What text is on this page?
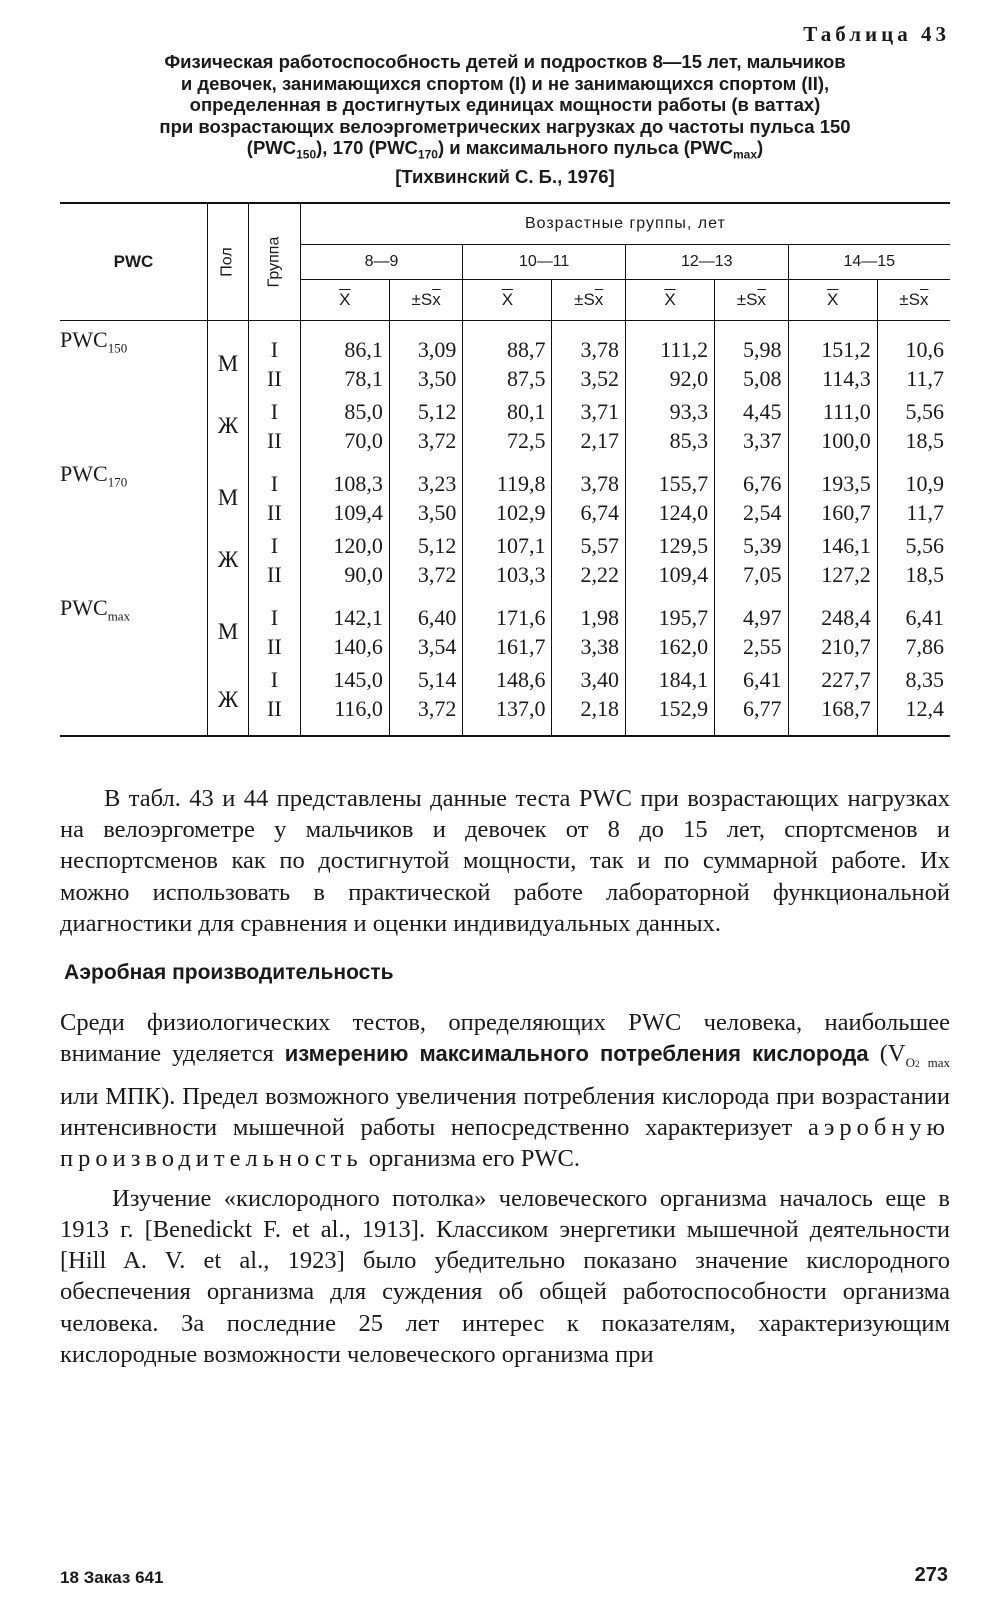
Таблица 43
Физическая работоспособность детей и подростков 8—15 лет, мальчиков
и девочек, занимающихся спортом (I) и не занимающихся спортом (II),
определенная в достигнутых единицах мощности работы (в ваттах)
при возрастающих велоэргометрических нагрузках до частоты пульса 150
$(PWC_{150})$, 170 $(PWC_{170})$ и максимального пульса $(PWC_{max})$
[Тихвинский С. Б., 1976]
PWC	Пол	Группа	Возрастные группы, лет							
			8—9		10—11		12—13		14—15	
			$\overline{X}$	$\pm S\overline{x}$	$\overline{X}$	$\pm S\overline{x}$	$\overline{X}$	$\pm S\overline{x}$	$\overline{X}$	$\pm S\overline{x}$
$PWC_{150}$	М	I	86,1	3,09	88,7	3,78	111,2	5,98	151,2	10,6
		II	78,1	3,50	87,5	3,52	92,0	5,08	114,3	11,7
	Ж	I	85,0	5,12	80,1	3,71	93,3	4,45	111,0	5,56
		II	70,0	3,72	72,5	2,17	85,3	3,37	100,0	18,5
$PWC_{170}$	М	I	108,3	3,23	119,8	3,78	155,7	6,76	193,5	10,9
		II	109,4	3,50	102,9	6,74	124,0	2,54	160,7	11,7
	Ж	I	120,0	5,12	107,1	5,57	129,5	5,39	146,1	5,56
		II	90,0	3,72	103,3	2,22	109,4	7,05	127,2	18,5
$PWC_{max}$	М	I	142,1	6,40	171,6	1,98	195,7	4,97	248,4	6,41
		II	140,6	3,54	161,7	3,38	162,0	2,55	210,7	7,86
	Ж	I	145,0	5,14	148,6	3,40	184,1	6,41	227,7	8,35
		II	116,0	3,72	137,0	2,18	152,9	6,77	168,7	12,4

В табл. 43 и 44 представлены данные теста PWC при возрастающих нагрузках на велоэргометре у мальчиков и девочек от 8 до 15 лет, спортсменов и неспортсменов как по достигнутой мощности, так и по суммарной работе. Их можно использовать в практической работе лабораторной функциональной диагностики для сравнения и оценки индивидуальных данных.

Аэробная производительность

Среди физиологических тестов, определяющих PWC человека, наибольшее внимание уделяется измерению максимального потребления кислорода ($V_{O2 max}$ или МПК). Предел возможного увеличения потребления кислорода при возрастании интенсивности мышечной работы непосредственно характеризует аэробную производительность организма его PWC.

Изучение «кислородного потолка» человеческого организма началось еще в 1913 г. [Benedickt F. et al., 1913]. Классиком энергетики мышечной деятельности [Hill A. V. et al., 1923] было убедительно показано значение кислородного обеспечения организма для суждения об общей работоспособности организма человека. За последние 25 лет интерес к показателям, характеризующим кислородные возможности человеческого организма при

18 Заказ 641	273
